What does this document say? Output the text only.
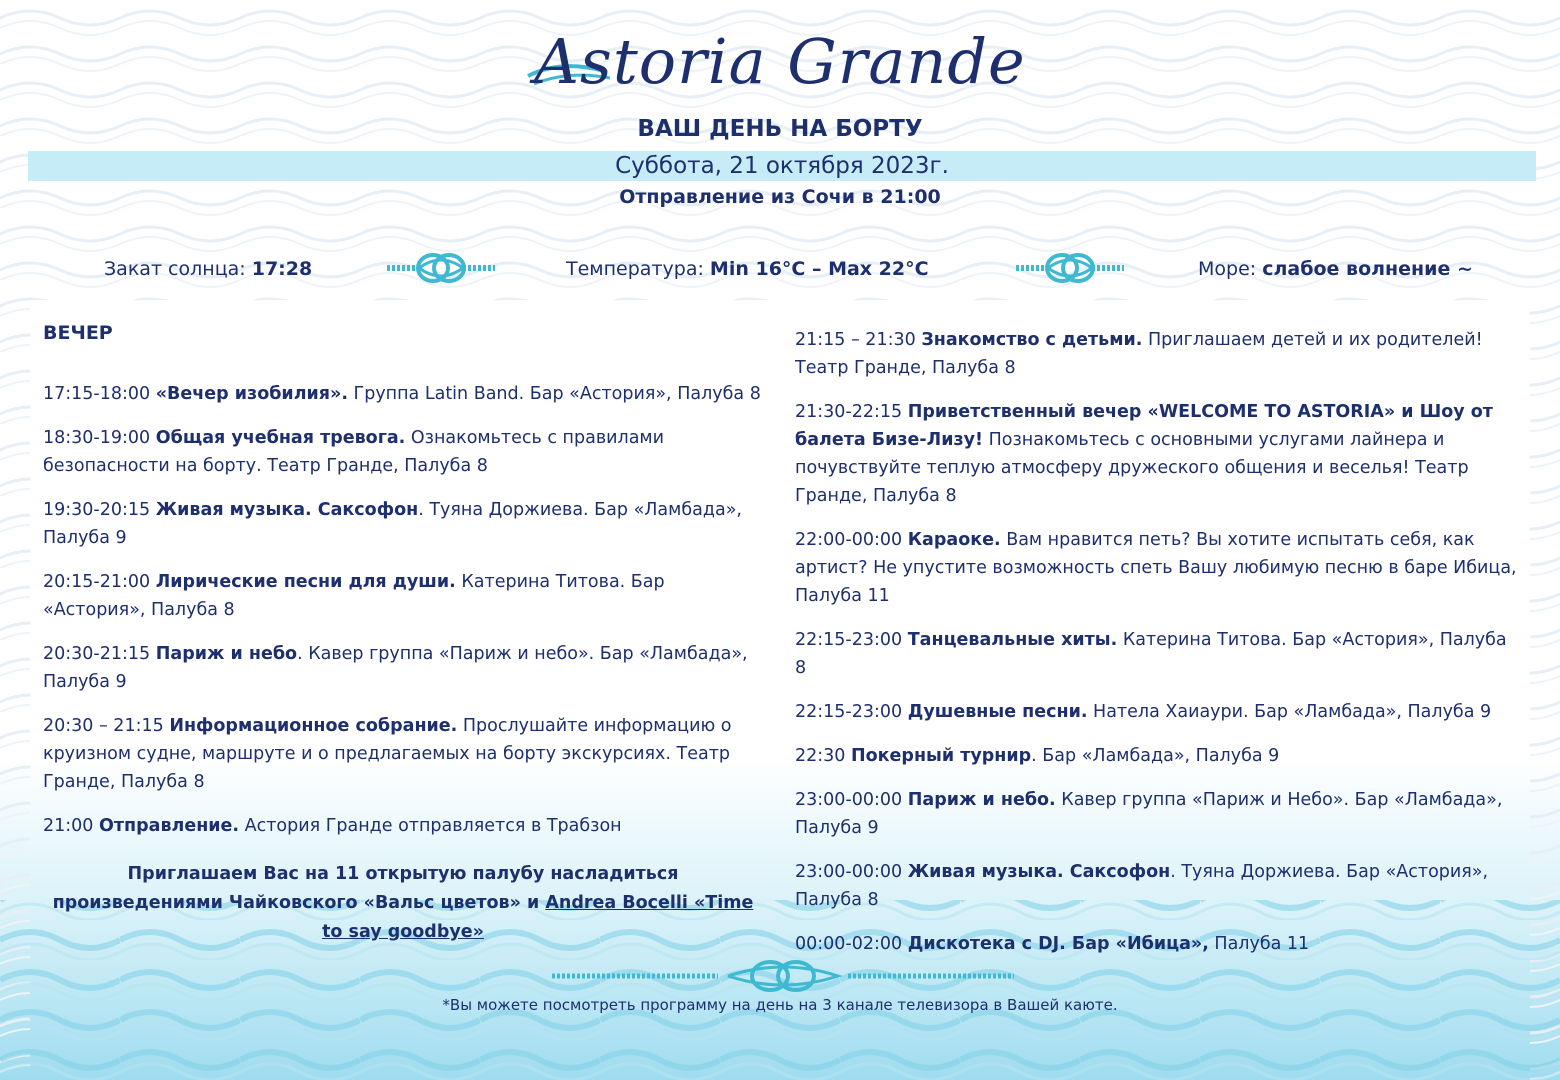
Astoria Grande
ВАШ ДЕНЬ НА БОРТУ
Суббота, 21 октября 2023г.
Отправление из Сочи в 21:00
Закат солнца: 17:28	Температура: Min 16°C – Max 22°C	Море: слабое волнение ~
ВЕЧЕР
17:15-18:00 «Вечер изобилия». Группа Latin Band. Бар «Астория», Палуба 8
18:30-19:00 Общая учебная тревога. Ознакомьтесь с правилами безопасности на борту. Театр Гранде, Палуба 8
19:30-20:15 Живая музыка. Саксофон. Туяна Доржиева. Бар «Ламбада», Палуба 9
20:15-21:00 Лирические песни для души. Катерина Титова. Бар «Астория», Палуба 8
20:30-21:15 Париж и небо. Кавер группа «Париж и небо». Бар «Ламбада», Палуба 9
20:30 – 21:15 Информационное собрание. Прослушайте информацию о круизном судне, маршруте и о предлагаемых на борту экскурсиях. Театр Гранде, Палуба 8
21:00 Отправление. Астория Гранде отправляется в Трабзон
Приглашаем Вас на 11 открытую палубу насладиться произведениями Чайковского «Вальс цветов» и Andrea Bocelli «Time to say goodbye»
21:15 – 21:30 Знакомство с детьми. Приглашаем детей и их родителей! Театр Гранде, Палуба 8
21:30-22:15 Приветственный вечер «WELCOME TO ASTORIA» и Шоу от балета Бизе-Лизу! Познакомьтесь с основными услугами лайнера и почувствуйте теплую атмосферу дружеского общения и веселья! Театр Гранде, Палуба 8
22:00-00:00 Караоке. Вам нравится петь? Вы хотите испытать себя, как артист? Не упустите возможность спеть Вашу любимую песню в баре Ибица, Палуба 11
22:15-23:00 Танцевальные хиты. Катерина Титова. Бар «Астория», Палуба 8
22:15-23:00 Душевные песни. Натела Хаиаури. Бар «Ламбада», Палуба 9
22:30 Покерный турнир. Бар «Ламбада», Палуба 9
23:00-00:00 Париж и небо. Кавер группа «Париж и Небо». Бар «Ламбада», Палуба 9
23:00-00:00 Живая музыка. Саксофон. Туяна Доржиева. Бар «Астория», Палуба 8
00:00-02:00 Дискотека с DJ. Бар «Ибица», Палуба 11
*Вы можете посмотреть программу на день на 3 канале телевизора в Вашей каюте.
